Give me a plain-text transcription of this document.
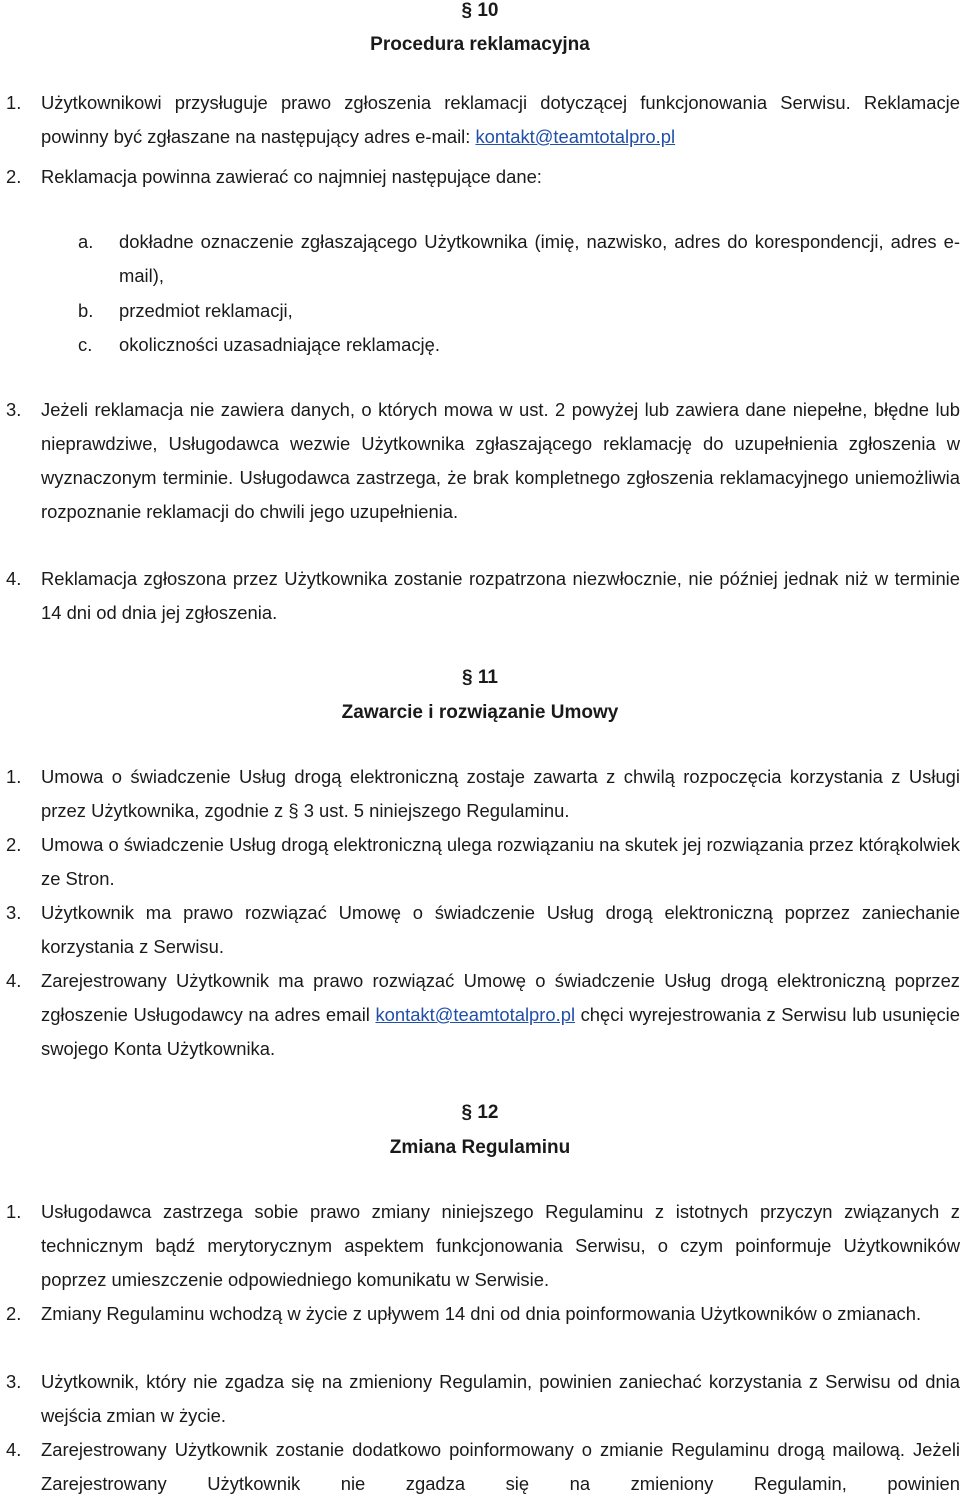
§ 10
Procedura reklamacyjna
1.	Użytkownikowi przysługuje prawo zgłoszenia reklamacji dotyczącej funkcjonowania Serwisu. Reklamacje powinny być zgłaszane na następujący adres e-mail: kontakt@teamtotalpro.pl
2.	Reklamacja powinna zawierać co najmniej następujące dane:
a.	dokładne oznaczenie zgłaszającego Użytkownika (imię, nazwisko, adres do korespondencji, adres e-mail),
b.	przedmiot reklamacji,
c.	okoliczności uzasadniające reklamację.
3.	Jeżeli reklamacja nie zawiera danych, o których mowa w ust. 2 powyżej lub zawiera dane niepełne, błędne lub nieprawdziwe, Usługodawca wezwie Użytkownika zgłaszającego reklamację do uzupełnienia zgłoszenia w wyznaczonym terminie. Usługodawca zastrzega, że brak kompletnego zgłoszenia reklamacyjnego uniemożliwia rozpoznanie reklamacji do chwili jego uzupełnienia.
4.	Reklamacja zgłoszona przez Użytkownika zostanie rozpatrzona niezwłocznie, nie później jednak niż w terminie 14 dni od dnia jej zgłoszenia.
§ 11
Zawarcie i rozwiązanie Umowy
1.	Umowa o świadczenie Usług drogą elektroniczną zostaje zawarta z chwilą rozpoczęcia korzystania z Usługi przez Użytkownika, zgodnie z § 3 ust. 5 niniejszego Regulaminu.
2.	Umowa o świadczenie Usług drogą elektroniczną ulega rozwiązaniu na skutek jej rozwiązania przez którąkolwiek ze Stron.
3.	Użytkownik ma prawo rozwiązać Umowę o świadczenie Usług drogą elektroniczną poprzez zaniechanie korzystania z Serwisu.
4.	Zarejestrowany Użytkownik ma prawo rozwiązać Umowę o świadczenie Usług drogą elektroniczną poprzez zgłoszenie Usługodawcy na adres email kontakt@teamtotalpro.pl chęci wyrejestrowania z Serwisu lub usunięcie swojego Konta Użytkownika.
§ 12
Zmiana Regulaminu
1.	Usługodawca zastrzega sobie prawo zmiany niniejszego Regulaminu z istotnych przyczyn związanych z technicznym bądź merytorycznym aspektem funkcjonowania Serwisu, o czym poinformuje Użytkowników poprzez umieszczenie odpowiedniego komunikatu w Serwisie.
2.	Zmiany Regulaminu wchodzą w życie z upływem 14 dni od dnia poinformowania Użytkowników o zmianach.
3.	Użytkownik, który nie zgadza się na zmieniony Regulamin, powinien zaniechać korzystania z Serwisu od dnia wejścia zmian w życie.
4.	Zarejestrowany Użytkownik zostanie dodatkowo poinformowany o zmianie Regulaminu drogą mailową. Jeżeli Zarejestrowany Użytkownik nie zgadza się na zmieniony Regulamin, powinien
